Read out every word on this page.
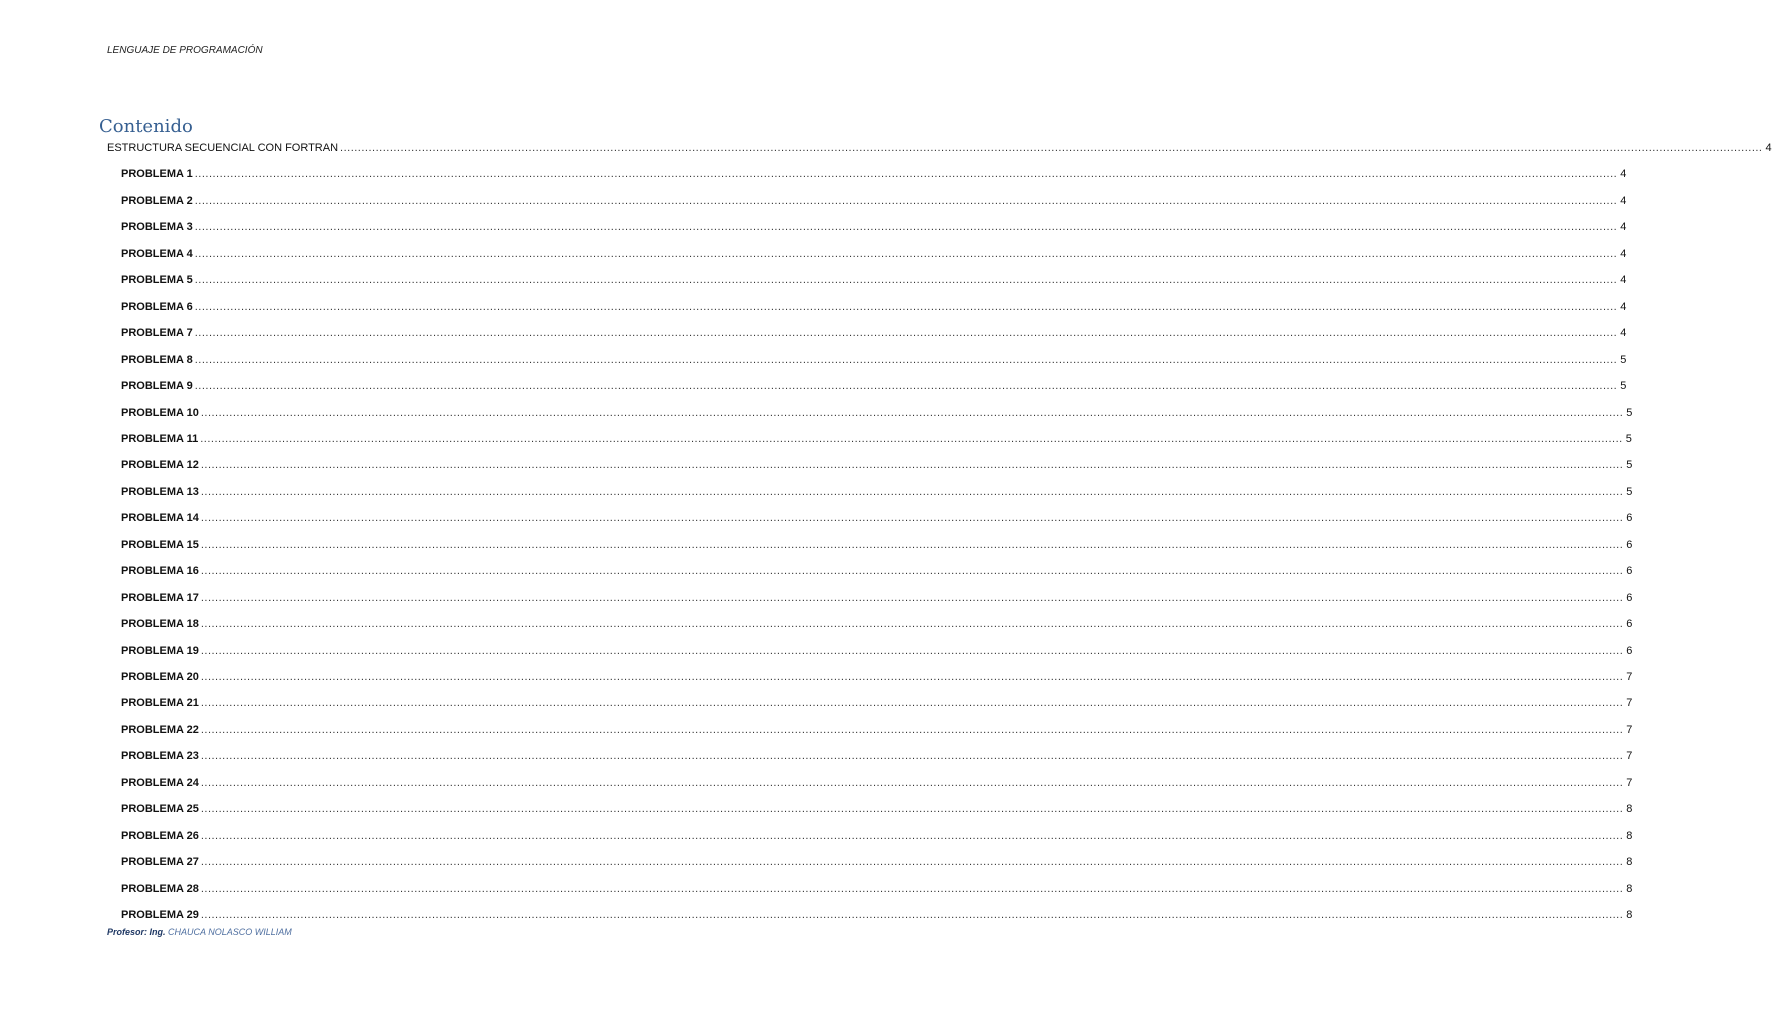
LENGUAJE DE PROGRAMACIÓN
Contenido
ESTRUCTURA SECUENCIAL CON FORTRAN ................................................................................................................................................................................................................................................................................................................................................................................................................ 4
PROBLEMA 1 ................................................................................................................................................................................................................................................................................................................................................................................................................ 4
PROBLEMA 2 ................................................................................................................................................................................................................................................................................................................................................................................................................ 4
PROBLEMA 3 ................................................................................................................................................................................................................................................................................................................................................................................................................ 4
PROBLEMA 4 ................................................................................................................................................................................................................................................................................................................................................................................................................ 4
PROBLEMA 5 ................................................................................................................................................................................................................................................................................................................................................................................................................ 4
PROBLEMA 6 ................................................................................................................................................................................................................................................................................................................................................................................................................ 4
PROBLEMA 7 ................................................................................................................................................................................................................................................................................................................................................................................................................ 4
PROBLEMA 8 ................................................................................................................................................................................................................................................................................................................................................................................................................ 5
PROBLEMA 9 ................................................................................................................................................................................................................................................................................................................................................................................................................ 5
PROBLEMA 10 ................................................................................................................................................................................................................................................................................................................................................................................................................ 5
PROBLEMA 11 ................................................................................................................................................................................................................................................................................................................................................................................................................ 5
PROBLEMA 12 ................................................................................................................................................................................................................................................................................................................................................................................................................ 5
PROBLEMA 13 ................................................................................................................................................................................................................................................................................................................................................................................................................ 5
PROBLEMA 14 ................................................................................................................................................................................................................................................................................................................................................................................................................ 6
PROBLEMA 15 ................................................................................................................................................................................................................................................................................................................................................................................................................ 6
PROBLEMA 16 ................................................................................................................................................................................................................................................................................................................................................................................................................ 6
PROBLEMA 17 ................................................................................................................................................................................................................................................................................................................................................................................................................ 6
PROBLEMA 18 ................................................................................................................................................................................................................................................................................................................................................................................................................ 6
PROBLEMA 19 ................................................................................................................................................................................................................................................................................................................................................................................................................ 6
PROBLEMA 20 ................................................................................................................................................................................................................................................................................................................................................................................................................ 7
PROBLEMA 21 ................................................................................................................................................................................................................................................................................................................................................................................................................ 7
PROBLEMA 22 ................................................................................................................................................................................................................................................................................................................................................................................................................ 7
PROBLEMA 23 ................................................................................................................................................................................................................................................................................................................................................................................................................ 7
PROBLEMA 24 ................................................................................................................................................................................................................................................................................................................................................................................................................ 7
PROBLEMA 25 ................................................................................................................................................................................................................................................................................................................................................................................................................ 8
PROBLEMA 26 ................................................................................................................................................................................................................................................................................................................................................................................................................ 8
PROBLEMA 27 ................................................................................................................................................................................................................................................................................................................................................................................................................ 8
PROBLEMA 28 ................................................................................................................................................................................................................................................................................................................................................................................................................ 8
PROBLEMA 29 ................................................................................................................................................................................................................................................................................................................................................................................................................ 8
Profesor: Ing. CHAUCA NOLASCO WILLIAM
